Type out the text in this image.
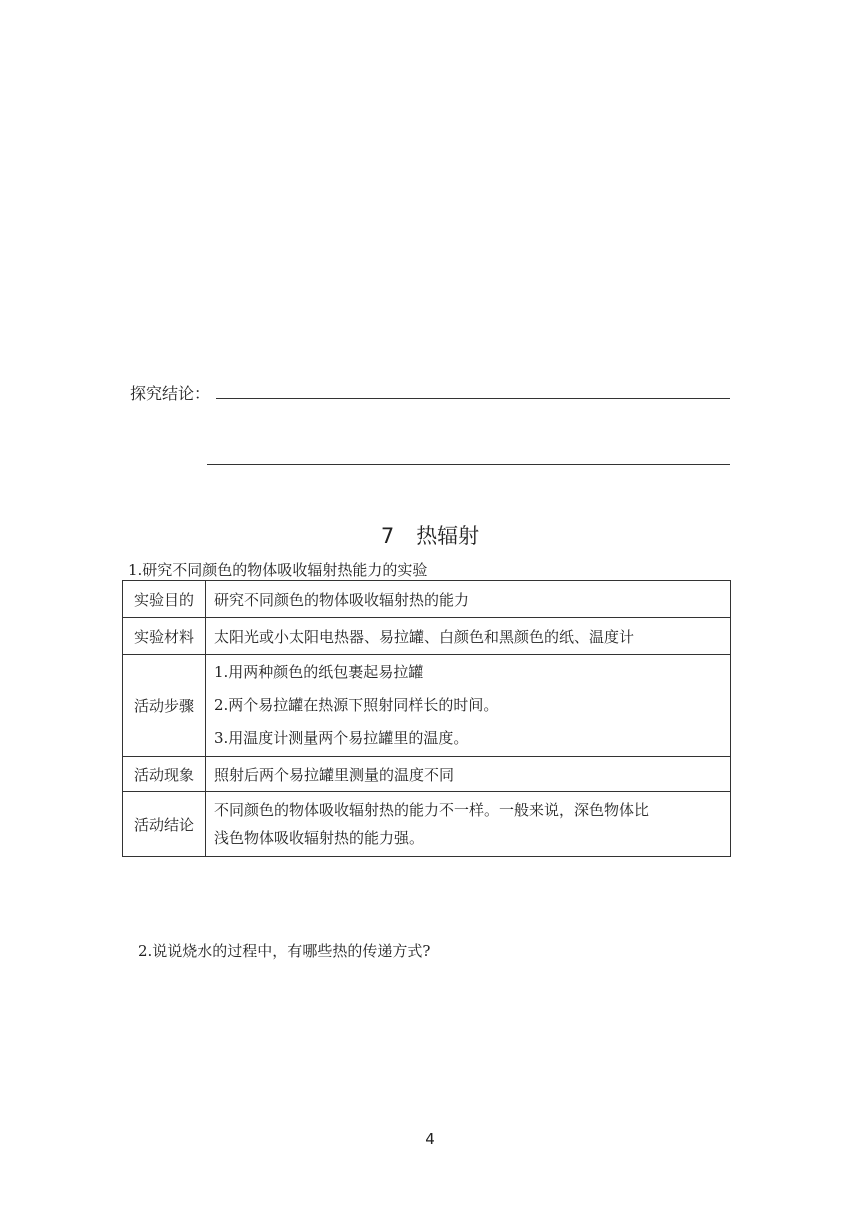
探究结论：
7 热辐射
1.研究不同颜色的物体吸收辐射热能力的实验
实验目的	研究不同颜色的物体吸收辐射热的能力
实验材料	太阳光或小太阳电热器、易拉罐、白颜色和黑颜色的纸、温度计
活动步骤	1.用两种颜色的纸包裹起易拉罐
2.两个易拉罐在热源下照射同样长的时间。
3.用温度计测量两个易拉罐里的温度。

活动现象	照射后两个易拉罐里测量的温度不同
活动结论	不同颜色的物体吸收辐射热的能力不一样。一般来说，深色物体比
浅色物体吸收辐射热的能力强。
2.说说烧水的过程中，有哪些热的传递方式?
4
